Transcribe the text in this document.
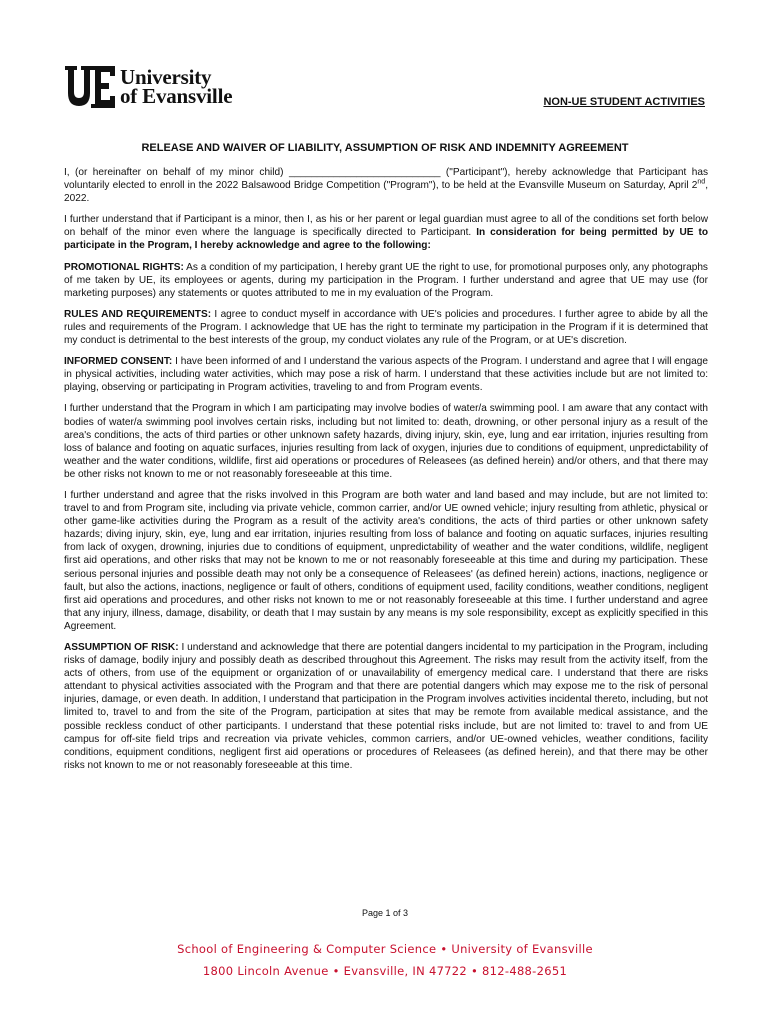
University
of Evansville	NON-UE STUDENT ACTIVITIES
RELEASE AND WAIVER OF LIABILITY, ASSUMPTION OF RISK AND INDEMNITY AGREEMENT

I, (or hereinafter on behalf of my minor child) ___________________________ ("Participant"), hereby acknowledge that Participant has voluntarily elected to enroll in the 2022 Balsawood Bridge Competition ("Program"), to be held at the Evansville Museum on Saturday, April 2nd, 2022.

I further understand that if Participant is a minor, then I, as his or her parent or legal guardian must agree to all of the conditions set forth below on behalf of the minor even where the language is specifically directed to Participant. In consideration for being permitted by UE to participate in the Program, I hereby acknowledge and agree to the following:

PROMOTIONAL RIGHTS: As a condition of my participation, I hereby grant UE the right to use, for promotional purposes only, any photographs of me taken by UE, its employees or agents, during my participation in the Program. I further understand and agree that UE may use (for marketing purposes) any statements or quotes attributed to me in my evaluation of the Program.

RULES AND REQUIREMENTS: I agree to conduct myself in accordance with UE's policies and procedures. I further agree to abide by all the rules and requirements of the Program. I acknowledge that UE has the right to terminate my participation in the Program if it is determined that my conduct is detrimental to the best interests of the group, my conduct violates any rule of the Program, or at UE's discretion.

INFORMED CONSENT: I have been informed of and I understand the various aspects of the Program. I understand and agree that I will engage in physical activities, including water activities, which may pose a risk of harm. I understand that these activities include but are not limited to: playing, observing or participating in Program activities, traveling to and from Program events.

I further understand that the Program in which I am participating may involve bodies of water/a swimming pool. I am aware that any contact with bodies of water/a swimming pool involves certain risks, including but not limited to: death, drowning, or other personal injury as a result of the area's conditions, the acts of third parties or other unknown safety hazards, diving injury, skin, eye, lung and ear irritation, injuries resulting from loss of balance and footing on aquatic surfaces, injuries resulting from lack of oxygen, injuries due to conditions of equipment, unpredictability of weather and the water conditions, wildlife, first aid operations or procedures of Releasees (as defined herein) and/or others, and that there may be other risks not known to me or not reasonably foreseeable at this time.

I further understand and agree that the risks involved in this Program are both water and land based and may include, but are not limited to: travel to and from Program site, including via private vehicle, common carrier, and/or UE owned vehicle; injury resulting from athletic, physical or other game-like activities during the Program as a result of the activity area's conditions, the acts of third parties or other unknown safety hazards; diving injury, skin, eye, lung and ear irritation, injuries resulting from loss of balance and footing on aquatic surfaces, injuries resulting from lack of oxygen, drowning, injuries due to conditions of equipment, unpredictability of weather and the water conditions, wildlife, negligent first aid operations, and other risks that may not be known to me or not reasonably foreseeable at this time and during my participation. These serious personal injuries and possible death may not only be a consequence of Releasees' (as defined herein) actions, inactions, negligence or fault, but also the actions, inactions, negligence or fault of others, conditions of equipment used, facility conditions, weather conditions, negligent first aid operations and procedures, and other risks not known to me or not reasonably foreseeable at this time. I further understand and agree that any injury, illness, damage, disability, or death that I may sustain by any means is my sole responsibility, except as explicitly specified in this Agreement.

ASSUMPTION OF RISK: I understand and acknowledge that there are potential dangers incidental to my participation in the Program, including risks of damage, bodily injury and possibly death as described throughout this Agreement. The risks may result from the activity itself, from the acts of others, from use of the equipment or organization of or unavailability of emergency medical care. I understand that there are risks attendant to physical activities associated with the Program and that there are potential dangers which may expose me to the risk of personal injuries, damage, or even death. In addition, I understand that participation in the Program involves activities incidental thereto, including, but not limited to, travel to and from the site of the Program, participation at sites that may be remote from available medical assistance, and the possible reckless conduct of other participants. I understand that these potential risks include, but are not limited to: travel to and from UE campus for off-site field trips and recreation via private vehicles, common carriers, and/or UE-owned vehicles, weather conditions, facility conditions, equipment conditions, negligent first aid operations or procedures of Releasees (as defined herein), and that there may be other risks not known to me or not reasonably foreseeable at this time.

Page 1 of 3
School of Engineering & Computer Science • University of Evansville
1800 Lincoln Avenue • Evansville, IN 47722 • 812-488-2651
